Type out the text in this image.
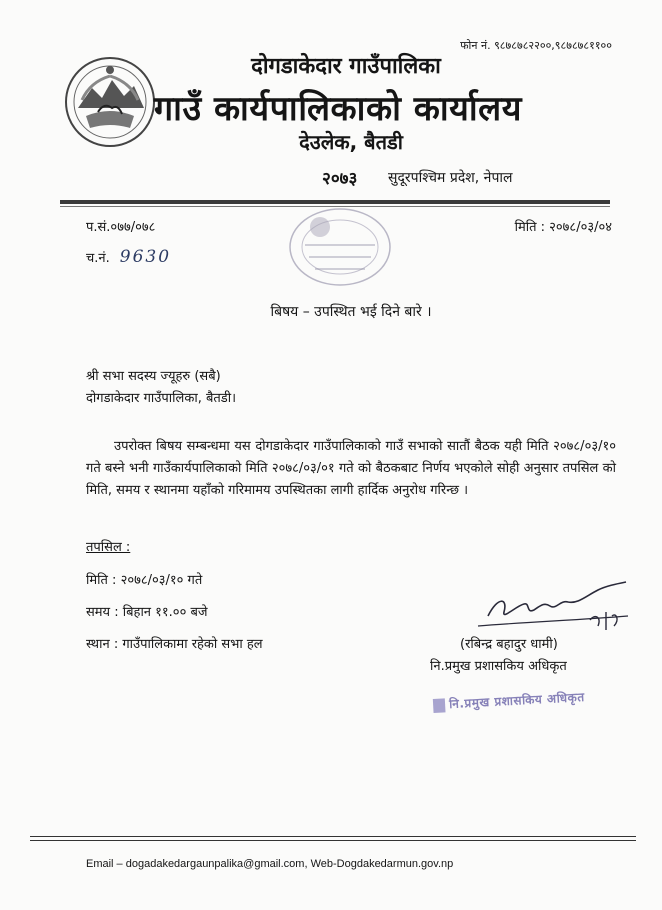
फोन नं. ९८७८७८२२००,९८७८७८११००
दोगडाकेदार गाउँपालिका
गाउँ कार्यपालिकाको कार्यालय
देउलेक, बैतडी
२०७३ सुदूरपश्चिम प्रदेश, नेपाल
प.सं.०७७/०७८	मिति : २०७८/०३/०४
च.नं. 9630
बिषय – उपस्थित भई दिने बारे ।
श्री सभा सदस्य ज्यूहरु (सबै)
दोगडाकेदार गाउँपालिका, बैतडी।
उपरोक्त बिषय सम्बन्धमा यस दोगडाकेदार गाउँपालिकाको गाउँ सभाको सातौं बैठक यही मिति २०७८/०३/१० गते बस्ने भनी गाउँकार्यपालिकाको मिति २०७८/०३/०१ गते को बैठकबाट निर्णय भएकोले सोही अनुसार तपसिल को मिति, समय र स्थानमा यहाँको गरिमामय उपस्थितका लागी हार्दिक अनुरोध गरिन्छ ।
तपसिल :
मिति : २०७८/०३/१० गते
समय : बिहान ११.०० बजे
स्थान : गाउँपालिकामा रहेको सभा हल	(रबिन्द्र बहादुर धामी)
नि.प्रमुख प्रशासकिय अधिकृत
नि.प्रमुख प्रशासकिय अधिकृत
Email – dogadakedargaunpalika@gmail.com, Web-Dogdakedarmun.gov.np
